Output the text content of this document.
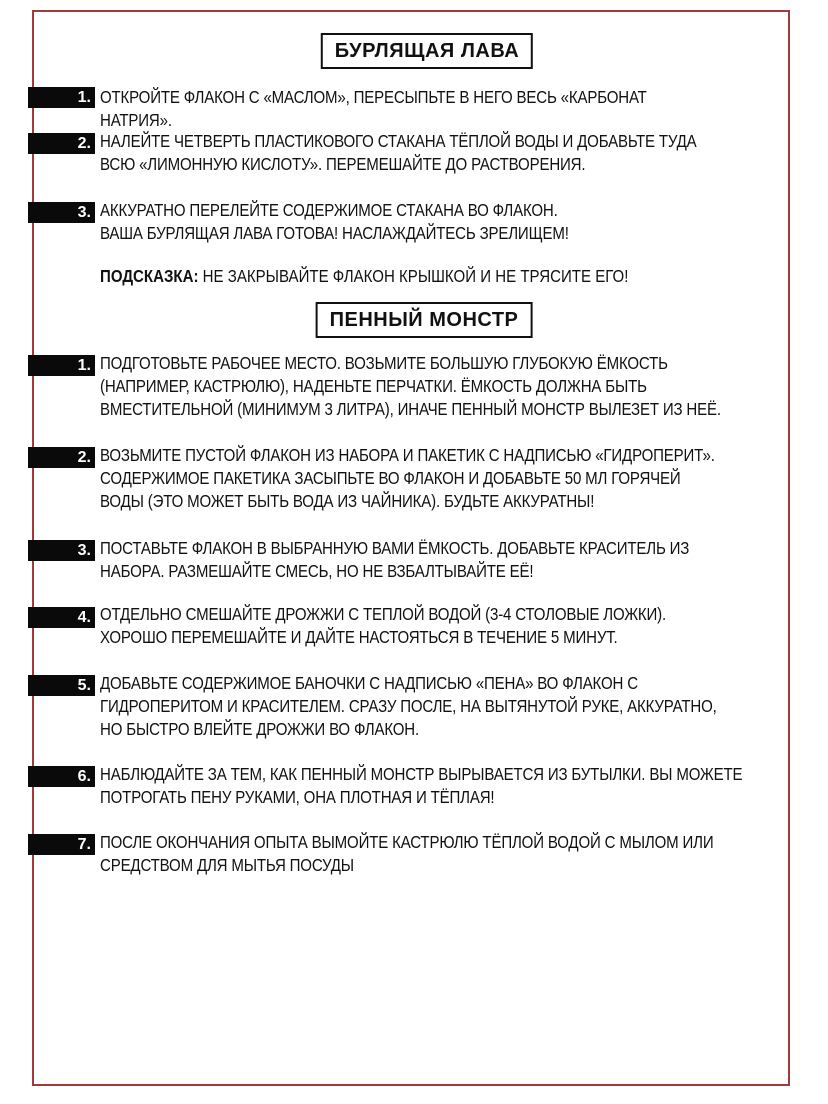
БУРЛЯЩАЯ ЛАВА
1. ОТКРОЙТЕ ФЛАКОН С «МАСЛОМ», ПЕРЕСЫПЬТЕ В НЕГО ВЕСЬ «КАРБОНАТ НАТРИЯ».
2. НАЛЕЙТЕ ЧЕТВЕРТЬ ПЛАСТИКОВОГО СТАКАНА ТЁПЛОЙ ВОДЫ И ДОБАВЬТЕ ТУДА ВСЮ «ЛИМОННУЮ КИСЛОТУ». ПЕРЕМЕШАЙТЕ ДО РАСТВОРЕНИЯ.
3. АККУРАТНО ПЕРЕЛЕЙТЕ СОДЕРЖИМОЕ СТАКАНА ВО ФЛАКОН. ВАША БУРЛЯЩАЯ ЛАВА ГОТОВА! НАСЛАЖДАЙТЕСЬ ЗРЕЛИЩЕМ!
ПОДСКАЗКА: НЕ ЗАКРЫВАЙТЕ ФЛАКОН КРЫШКОЙ И НЕ ТРЯСИТЕ ЕГО!
ПЕННЫЙ МОНСТР
1. ПОДГОТОВЬТЕ РАБОЧЕЕ МЕСТО. ВОЗЬМИТЕ БОЛЬШУЮ ГЛУБОКУЮ ЁМКОСТЬ (НАПРИМЕР, КАСТРЮЛЮ), НАДЕНЬТЕ ПЕРЧАТКИ. ЁМКОСТЬ ДОЛЖНА БЫТЬ ВМЕСТИТЕЛЬНОЙ (МИНИМУМ 3 ЛИТРА), ИНАЧЕ ПЕННЫЙ МОНСТР ВЫЛЕЗЕТ ИЗ НЕЁ.
2. ВОЗЬМИТЕ ПУСТОЙ ФЛАКОН ИЗ НАБОРА И ПАКЕТИК С НАДПИСЬЮ «ГИДРОПЕРИТ». СОДЕРЖИМОЕ ПАКЕТИКА ЗАСЫПЬТЕ ВО ФЛАКОН И ДОБАВЬТЕ 50 МЛ ГОРЯЧЕЙ ВОДЫ (ЭТО МОЖЕТ БЫТЬ ВОДА ИЗ ЧАЙНИКА). БУДЬТЕ АККУРАТНЫ!
3. ПОСТАВЬТЕ ФЛАКОН В ВЫБРАННУЮ ВАМИ ЁМКОСТЬ. ДОБАВЬТЕ КРАСИТЕЛЬ ИЗ НАБОРА. РАЗМЕШАЙТЕ СМЕСЬ, НО НЕ ВЗБАЛТЫВАЙТЕ ЕЁ!
4. ОТДЕЛЬНО СМЕШАЙТЕ ДРОЖЖИ С ТЕПЛОЙ ВОДОЙ (3-4 СТОЛОВЫЕ ЛОЖКИ). ХОРОШО ПЕРЕМЕШАЙТЕ И ДАЙТЕ НАСТОЯТЬСЯ В ТЕЧЕНИЕ 5 МИНУТ.
5. ДОБАВЬТЕ СОДЕРЖИМОЕ БАНОЧКИ С НАДПИСЬЮ «ПЕНА» ВО ФЛАКОН С ГИДРОПЕРИТОМ И КРАСИТЕЛЕМ. СРАЗУ ПОСЛЕ, НА ВЫТЯНУТОЙ РУКЕ, АККУРАТНО, НО БЫСТРО ВЛЕЙТЕ ДРОЖЖИ ВО ФЛАКОН.
6. НАБЛЮДАЙТЕ ЗА ТЕМ, КАК ПЕННЫЙ МОНСТР ВЫРЫВАЕТСЯ ИЗ БУТЫЛКИ. ВЫ МОЖЕТЕ ПОТРОГАТЬ ПЕНУ РУКАМИ, ОНА ПЛОТНАЯ И ТЁПЛАЯ!
7. ПОСЛЕ ОКОНЧАНИЯ ОПЫТА ВЫМОЙТЕ КАСТРЮЛЮ ТЁПЛОЙ ВОДОЙ С МЫЛОМ ИЛИ СРЕДСТВОМ ДЛЯ МЫТЬЯ ПОСУДЫ
